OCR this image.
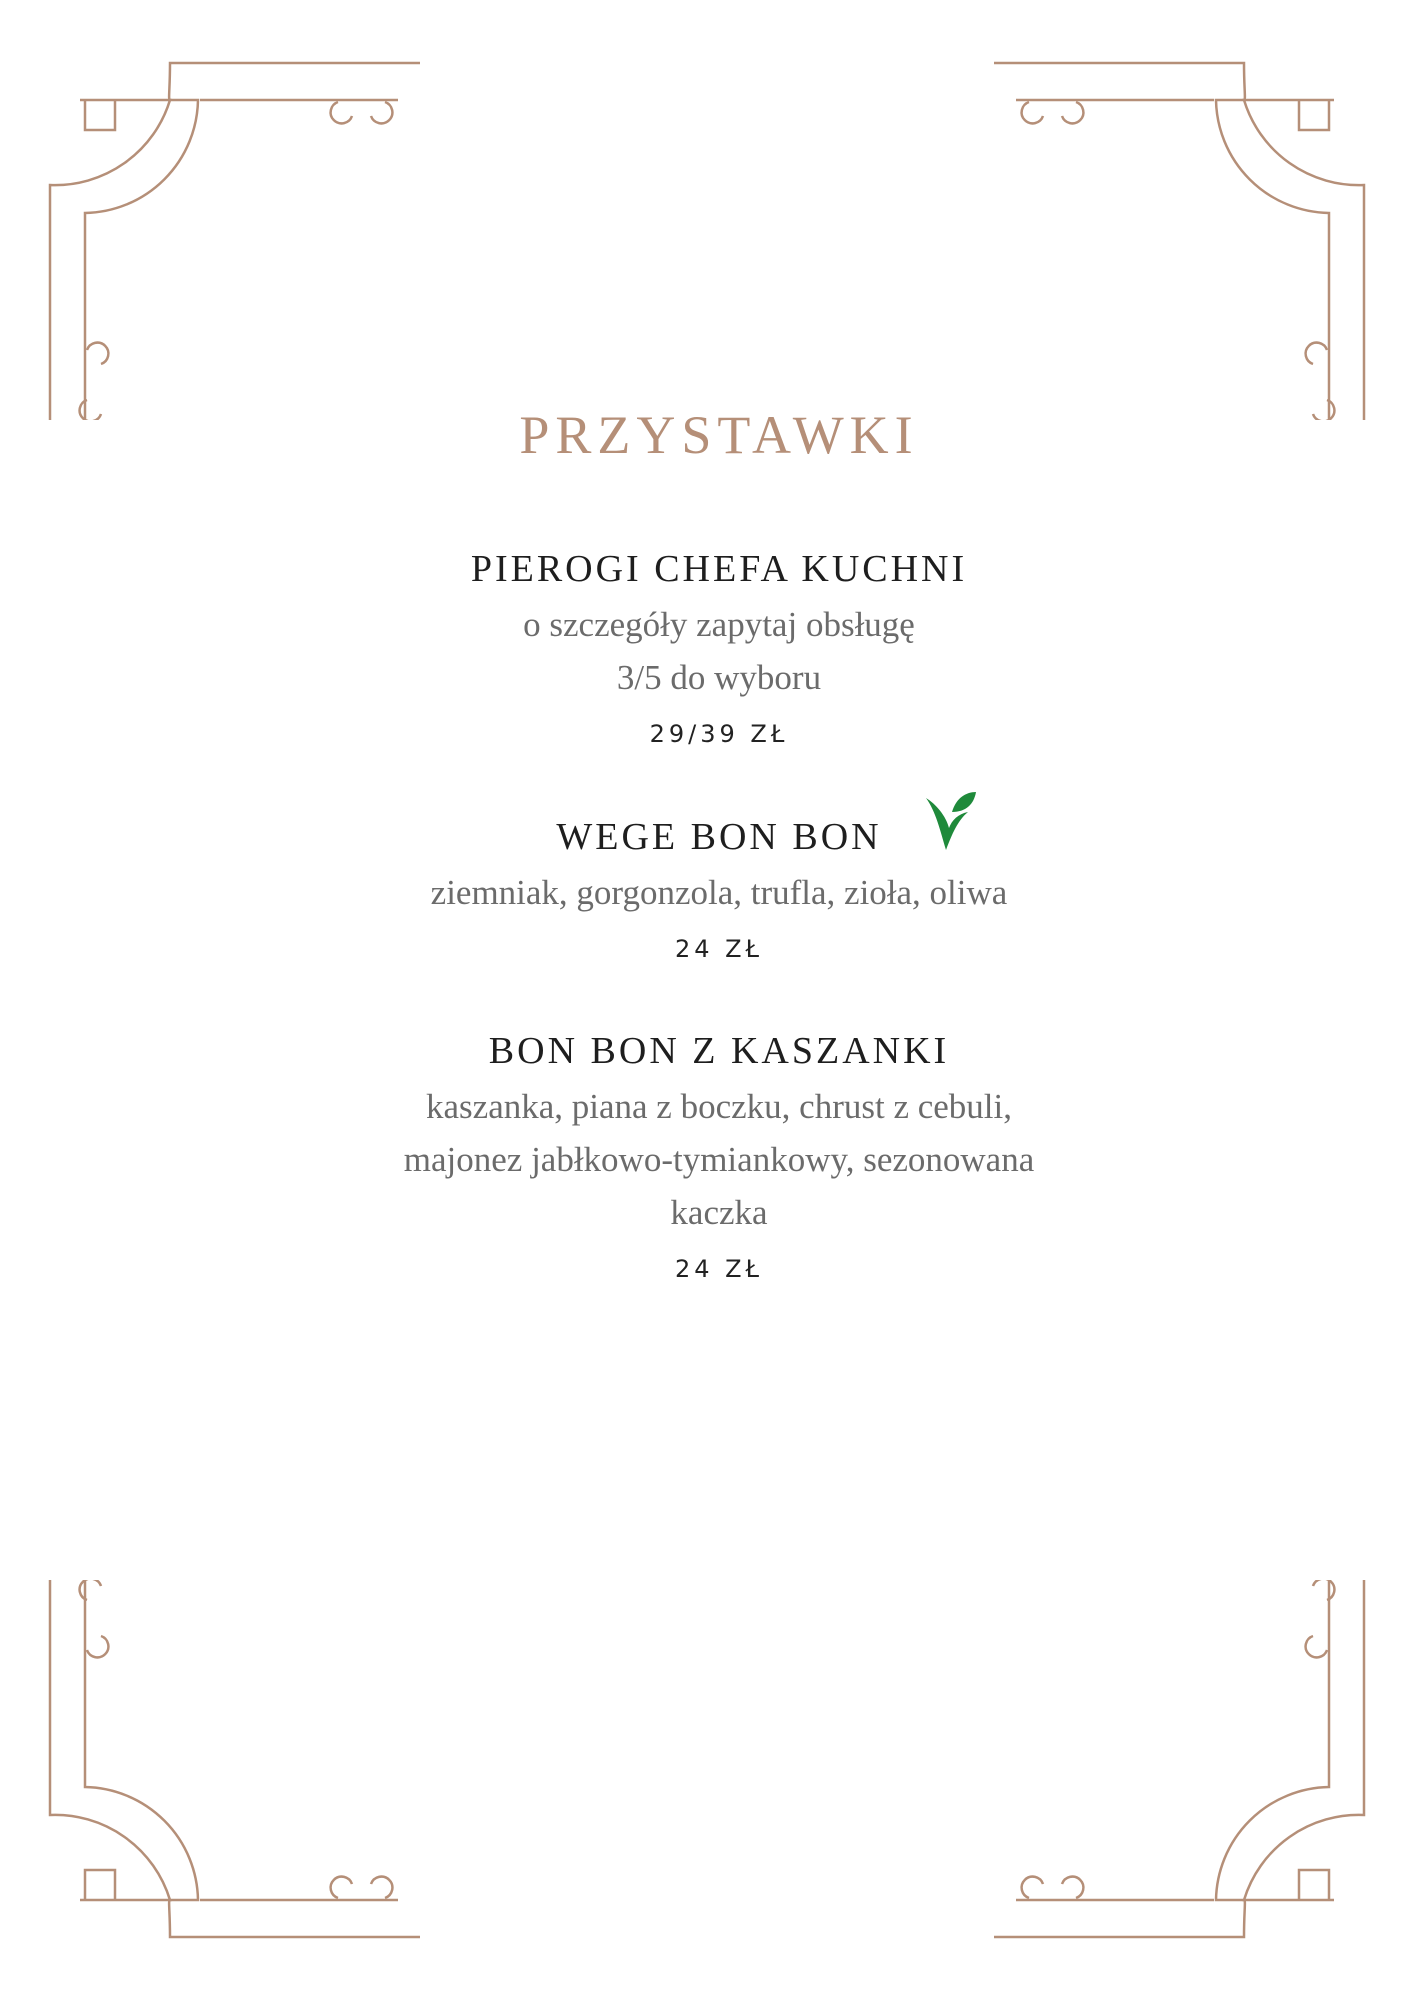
PRZYSTAWKI
PIEROGI CHEFA KUCHNI
o szczegóły zapytaj obsługę
3/5 do wyboru
29/39 ZŁ
WEGE BON BON
ziemniak, gorgonzola, trufla, zioła, oliwa
24 ZŁ
BON BON Z KASZANKI
kaszanka, piana z boczku, chrust z cebuli,
majonez jabłkowo-tymiankowy, sezonowana
kaczka
24 ZŁ
